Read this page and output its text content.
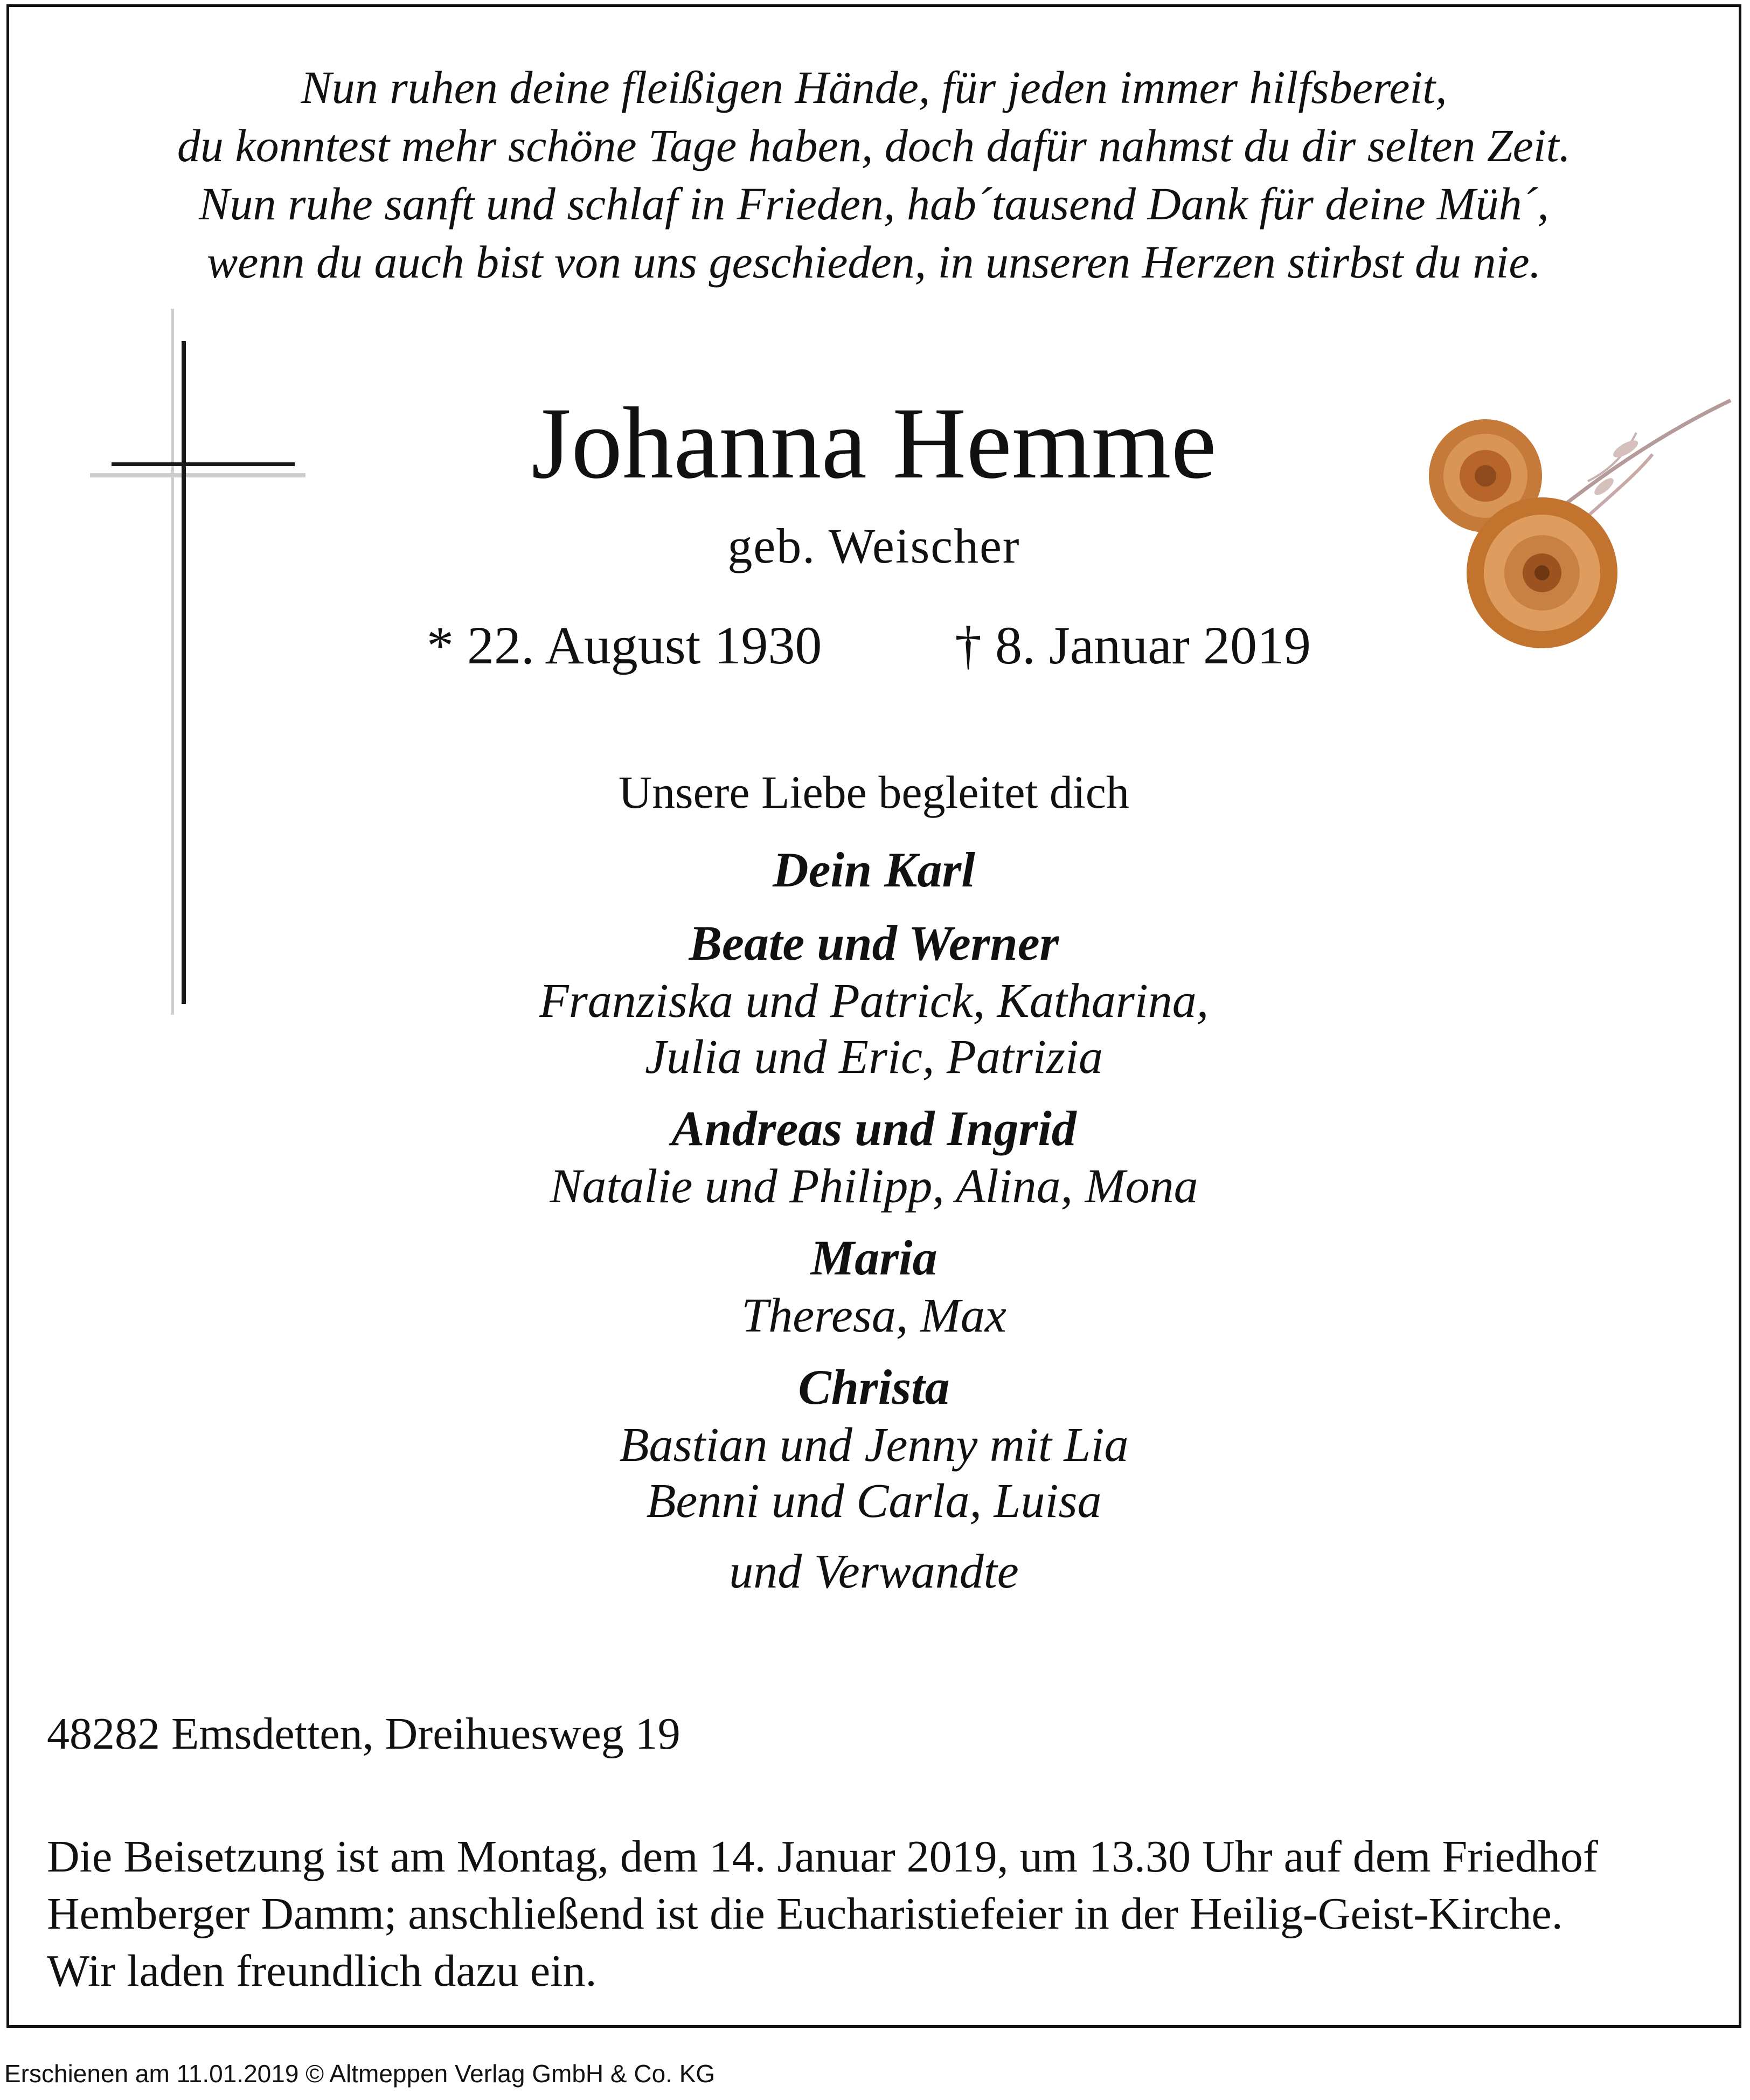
Nun ruhen deine fleißigen Hände, für jeden immer hilfsbereit,
du konntest mehr schöne Tage haben, doch dafür nahmst du dir selten Zeit.
Nun ruhe sanft und schlaf in Frieden, hab´tausend Dank für deine Müh´,
wenn du auch bist von uns geschieden, in unseren Herzen stirbst du nie.
Johanna Hemme
geb. Weischer
* 22. August 1930 † 8. Januar 2019
Unsere Liebe begleitet dich
Dein Karl
Beate und Werner
Franziska und Patrick, Katharina,
Julia und Eric, Patrizia
Andreas und Ingrid
Natalie und Philipp, Alina, Mona
Maria
Theresa, Max
Christa
Bastian und Jenny mit Lia
Benni und Carla, Luisa
und Verwandte
48282 Emsdetten, Dreihuesweg 19
Die Beisetzung ist am Montag, dem 14. Januar 2019, um 13.30 Uhr auf dem Friedhof
Hemberger Damm; anschließend ist die Eucharistiefeier in der Heilig-Geist-Kirche.
Wir laden freundlich dazu ein.
Erschienen am 11.01.2019 © Altmeppen Verlag GmbH & Co. KG
